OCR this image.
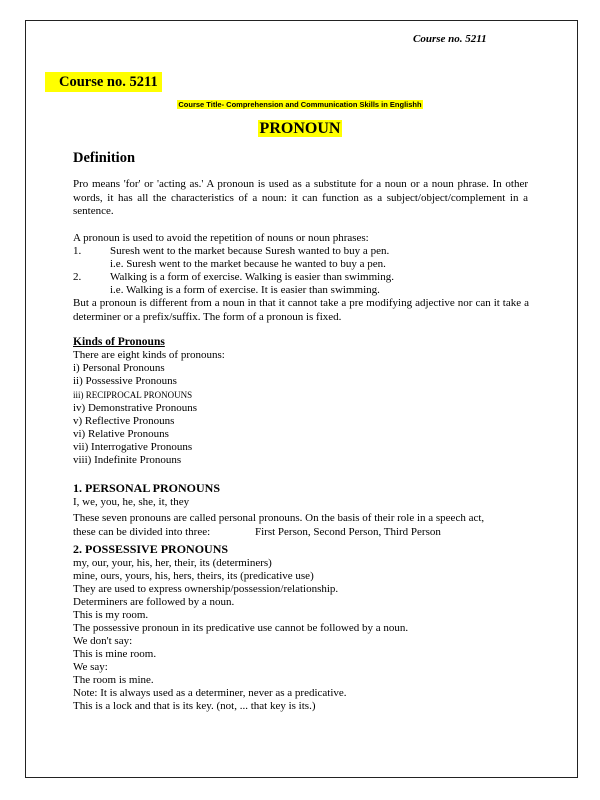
Course no. 5211
Course no. 5211
Course Title- Comprehension and Communication Skills in Englishh
PRONOUN
Definition
Pro means 'for' or 'acting as.' A pronoun is used as a substitute for a noun or a noun phrase. In other words, it has all the characteristics of a noun: it can function as a subject/object/complement in a sentence.
A pronoun is used to avoid the repetition of nouns or noun phrases:
1.	Suresh went to the market because Suresh wanted to buy a pen.
i.e. Suresh went to the market because he wanted to buy a pen.
2.	Walking is a form of exercise. Walking is easier than swimming.
i.e. Walking is a form of exercise. It is easier than swimming.
But a pronoun is different from a noun in that it cannot take a pre modifying adjective nor can it take a determiner or a prefix/suffix. The form of a pronoun is fixed.
Kinds of Pronouns
There are eight kinds of pronouns:
i) Personal Pronouns
ii) Possessive Pronouns
iii) RECIPROCAL PRONOUNS
iv) Demonstrative Pronouns
v) Reflective Pronouns
vi) Relative Pronouns
vii) Interrogative Pronouns
viii) Indefinite Pronouns
1. PERSONAL PRONOUNS
I, we, you, he, she, it, they
These seven pronouns are called personal pronouns. On the basis of their role in a speech act,
these can be divided into three:	First Person, Second Person, Third Person
2. POSSESSIVE PRONOUNS
my, our, your, his, her, their, its (determiners)
mine, ours, yours, his, hers, theirs, its (predicative use)
They are used to express ownership/possession/relationship.
Determiners are followed by a noun.
This is my room.
The possessive pronoun in its predicative use cannot be followed by a noun.
We don't say:
This is mine room.
We say:
The room is mine.
Note: It is always used as a determiner, never as a predicative.
This is a lock and that is its key. (not, ... that key is its.)
